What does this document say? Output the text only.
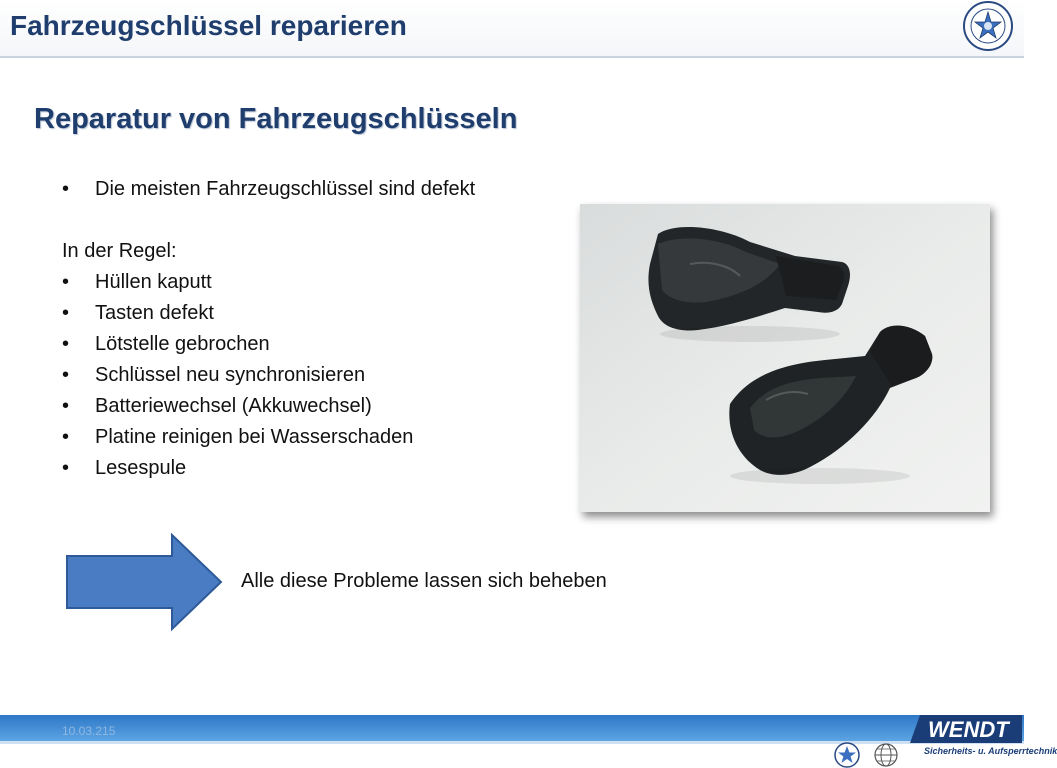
Fahrzeugschlüssel reparieren
Reparatur von Fahrzeugschlüsseln
•	Die meisten Fahrzeugschlüssel sind defekt
In der Regel:
•	Hüllen kaputt
•	Tasten defekt
•	Lötstelle gebrochen
•	Schlüssel neu synchronisieren
•	Batteriewechsel (Akkuwechsel)
•	Platine reinigen bei Wasserschaden
•	Lesespule
Alle diese Probleme lassen sich beheben
10.03.215	WENDT
Sicherheits- u. Aufsperrtechnik
